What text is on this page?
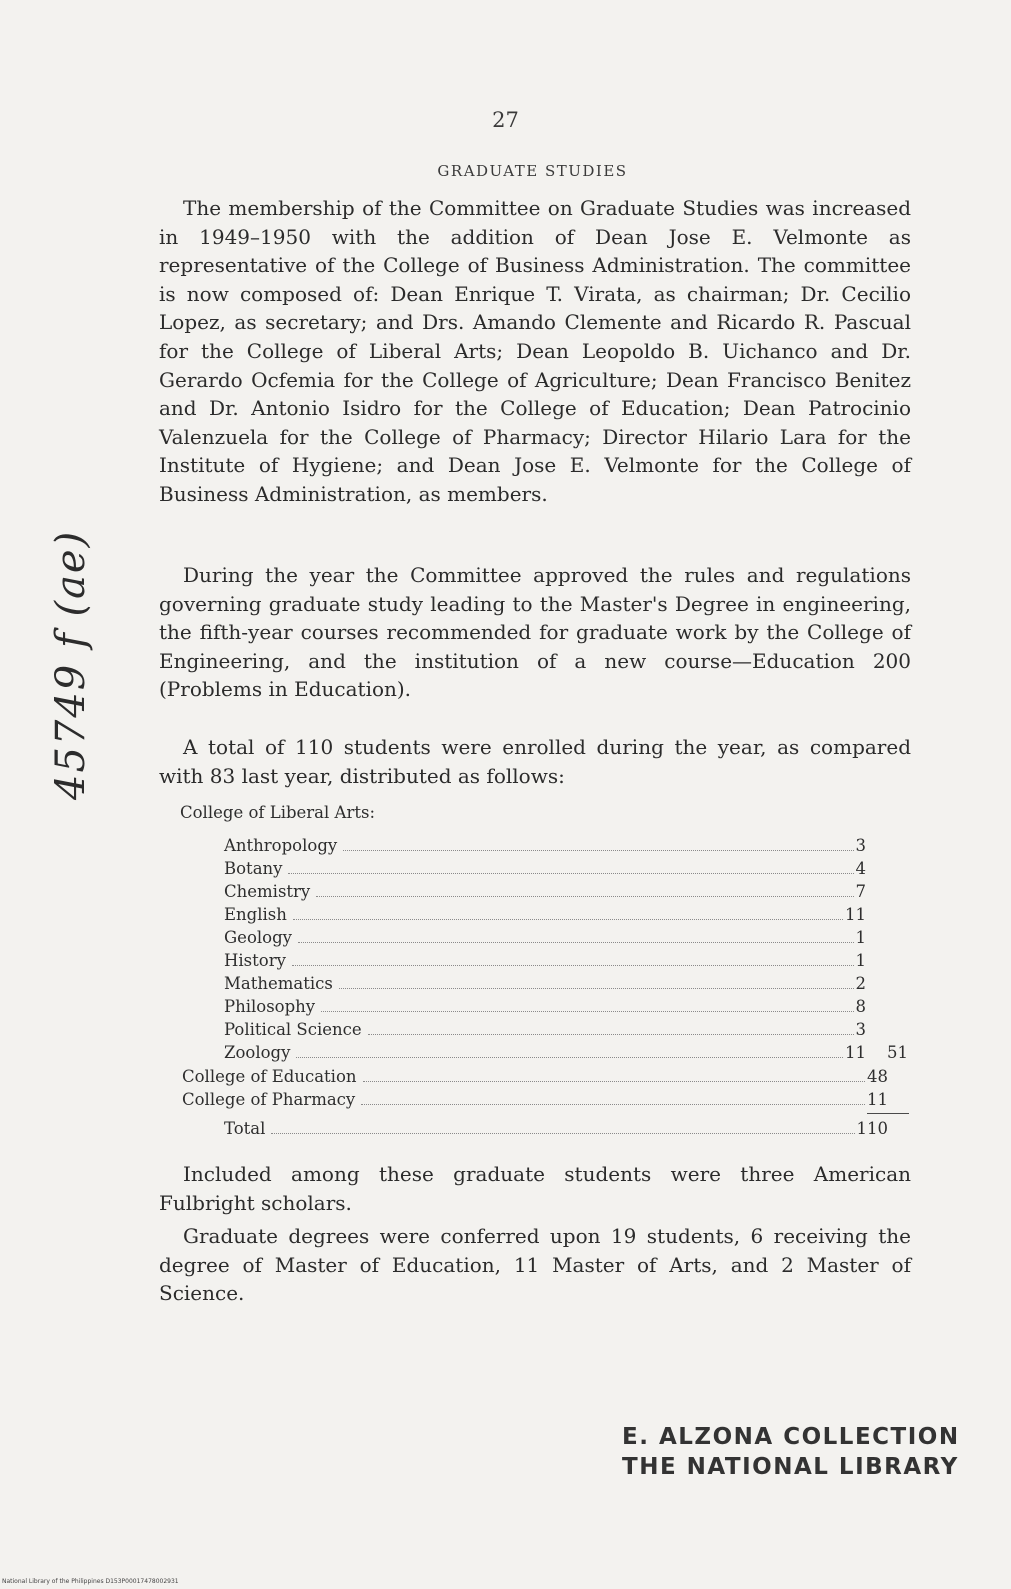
27
GRADUATE STUDIES

The membership of the Committee on Graduate Studies was increased in 1949–1950 with the addition of Dean Jose E. Velmonte as representative of the College of Business Administration. The committee is now composed of: Dean Enrique T. Virata, as chairman; Dr. Cecilio Lopez, as secretary; and Drs. Amando Clemente and Ricardo R. Pascual for the College of Liberal Arts; Dean Leopoldo B. Uichanco and Dr. Gerardo Ocfemia for the College of Agriculture; Dean Francisco Benitez and Dr. Antonio Isidro for the College of Education; Dean Patrocinio Valenzuela for the College of Pharmacy; Director Hilario Lara for the Institute of Hygiene; and Dean Jose E. Velmonte for the College of Business Administration, as members.

During the year the Committee approved the rules and regulations governing graduate study leading to the Master's Degree in engineering, the fifth-year courses recommended for graduate work by the College of Engineering, and the institution of a new course—Education 200 (Problems in Education).

A total of 110 students were enrolled during the year, as compared with 83 last year, distributed as follows:

College of Liberal Arts:
Anthropology	3
Botany	4
Chemistry	7
English	11
Geology	1
History	1
Mathematics	2
Philosophy	8
Political Science	3
Zoology	11	51
College of Education	48
College of Pharmacy	11
Total	110

Included among these graduate students were three American Fulbright scholars.

Graduate degrees were conferred upon 19 students, 6 receiving the degree of Master of Education, 11 Master of Arts, and 2 Master of Science.

45749 f (ae)
E. ALZONA COLLECTION
THE NATIONAL LIBRARY
National Library of the Philippines D153P00017478002931
